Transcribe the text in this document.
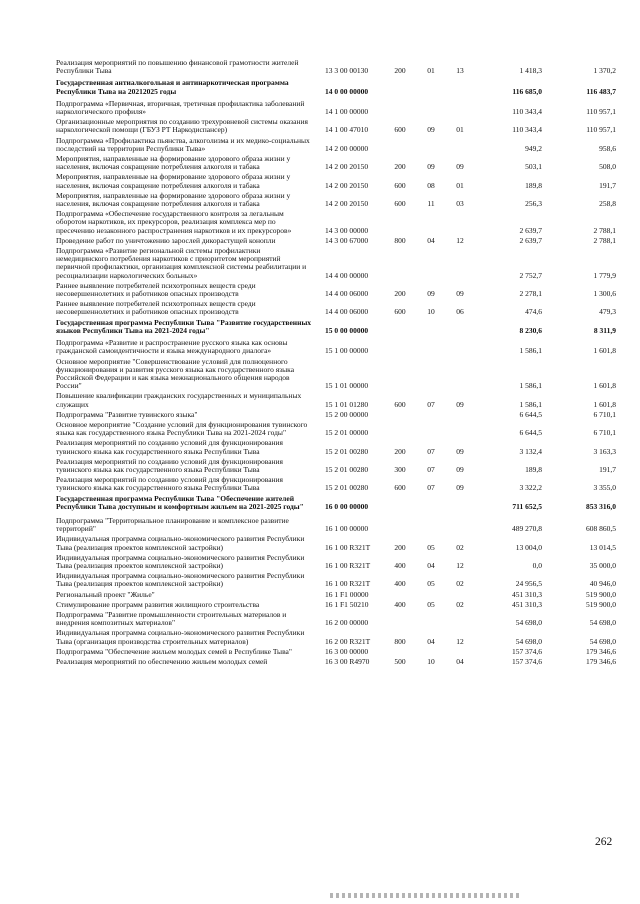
Реализация мероприятий по повышению финансовой грамотности жителей Республики Тыва	13 3 00 00130	200	01	13	1 418,3	1 370,2
Государственная антиалкогольная и антинаркотическая программа Республики Тыва на 20212025 годы	14 0 00 00000	116 685,0	116 483,7
Подпрограмма «Первичная, вторичная, третичная профилактика заболеваний наркологического профиля»	14 1 00 00000	110 343,4	110 957,1
Организационные мероприятия по созданию трехуровневой системы оказания наркологической помощи (ГБУЗ РТ Наркодиспансер)	14 1 00 47010	600	09	01	110 343,4	110 957,1
Подпрограмма «Профилактика пьянства, алкоголизма и их медико-социальных последствий на территории Республики Тыва»	14 2 00 00000	949,2	958,6
Мероприятия, направленные на формирование здорового образа жизни у населения, включая сокращение потребления алкоголя и табака	14 2 00 20150	200	09	09	503,1	508,0
Мероприятия, направленные на формирование здорового образа жизни у населения, включая сокращение потребления алкоголя и табака	14 2 00 20150	600	08	01	189,8	191,7
Мероприятия, направленные на формирование здорового образа жизни у населения, включая сокращение потребления алкоголя и табака	14 2 00 20150	600	11	03	256,3	258,8
Подпрограмма «Обеспечение государственного контроля за легальным оборотом наркотиков, их прекурсоров, реализация комплекса мер по пресечению незаконного распространения наркотиков и их прекурсоров»	14 3 00 00000	2 639,7	2 788,1
Проведение работ по уничтожению зарослей дикорастущей конопли	14 3 00 67000	800	04	12	2 639,7	2 788,1
Подпрограмма «Развитие региональной системы профилактики немедицинского потребления наркотиков с приоритетом мероприятий первичной профилактики, организация комплексной системы реабилитации и ресоциализации наркологических больных»	14 4 00 00000	2 752,7	1 779,9
Раннее выявление потребителей психотропных веществ среди несовершеннолетних и работников опасных производств	14 4 00 06000	200	09	09	2 278,1	1 300,6
Раннее выявление потребителей психотропных веществ среди несовершеннолетних и работников опасных производств	14 4 00 06000	600	10	06	474,6	479,3
Государственная программа Республики Тыва "Развитие государственных языков Республики Тыва на 2021-2024 годы"	15 0 00 00000	8 230,6	8 311,9
Подпрограмма «Развитие и распространение русского языка как основы гражданской самоидентичности и языка международного диалога»	15 1 00 00000	1 586,1	1 601,8
Основное мероприятие "Совершенствование условий для полноценного функционирования и развития русского языка как государственного языка Российской Федерации и как языка межнационального общения народов России"	15 1 01 00000	1 586,1	1 601,8
Повышение квалификации гражданских государственных и муниципальных служащих	15 1 01 01280	600	07	09	1 586,1	1 601,8
Подпрограмма "Развитие тувинского языка"	15 2 00 00000	6 644,5	6 710,1
Основное мероприятие "Создание условий для функционирования тувинского языка как государственного языка Республики Тыва на 2021-2024 годы"	15 2 01 00000	6 644,5	6 710,1
Реализация мероприятий по созданию условий для функционирования тувинского языка как государственного языка Республики Тыва	15 2 01 00280	200	07	09	3 132,4	3 163,3
Реализация мероприятий по созданию условий для функционирования тувинского языка как государственного языка Республики Тыва	15 2 01 00280	300	07	09	189,8	191,7
Реализация мероприятий по созданию условий для функционирования тувинского языка как государственного языка Республики Тыва	15 2 01 00280	600	07	09	3 322,2	3 355,0
Государственная программа Республики Тыва "Обеспечение жителей Республики Тыва доступным и комфортным жильем на 2021-2025 годы"	16 0 00 00000	711 652,5	853 316,0
Подпрограмма "Территориальное планирование и комплексное развитие территорий"	16 1 00 00000	489 270,8	608 860,5
Индивидуальная программа социально-экономического развития Республики Тыва (реализация проектов комплексной застройки)	16 1 00 R321T	200	05	02	13 004,0	13 014,5
Индивидуальная программа социально-экономического развития Республики Тыва (реализация проектов комплексной застройки)	16 1 00 R321T	400	04	12	0,0	35 000,0
Индивидуальная программа социально-экономического развития Республики Тыва (реализация проектов комплексной застройки)	16 1 00 R321T	400	05	02	24 956,5	40 946,0
Региональный проект "Жилье"	16 1 F1 00000	451 310,3	519 900,0
Стимулирование программ развития жилищного строительства	16 1 F1 50210	400	05	02	451 310,3	519 900,0
Подпрограмма "Развитие промышленности строительных материалов и внедрения композитных материалов"	16 2 00 00000	54 698,0	54 698,0
Индивидуальная программа социально-экономического развития Республики Тыва (организация производства строительных материалов)	16 2 00 R321T	800	04	12	54 698,0	54 698,0
Подпрограмма "Обеспечение жильем молодых семей в Республике Тыва"	16 3 00 00000	157 374,6	179 346,6
Реализация мероприятий по обеспечению жильем молодых семей	16 3 00 R4970	500	10	04	157 374,6	179 346,6
262
